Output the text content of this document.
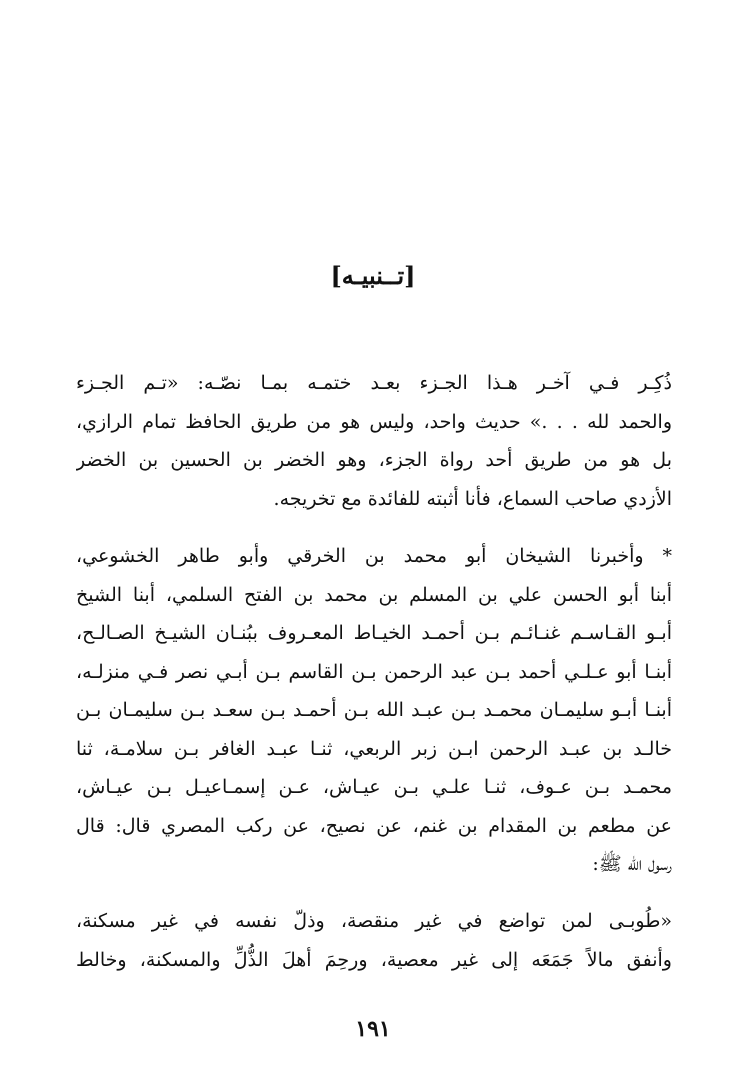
[تــنبيـه]
ذُكِـر فـي آخـر هـذا الجـزء بعـد ختمـه بمـا نصّـه: «تـم الجـزء
والحمد لله . . .» حديث واحد، وليس هو من طريق الحافظ تمام الرازي،
بل هو من طريق أحد رواة الجزء، وهو الخضر بن الحسين بن الخضر
الأزدي صاحب السماع، فأنا أثبته للفائدة مع تخريجه.
* وأخبرنا الشيخان أبو محمد بن الخرقي وأبو طاهر الخشوعي،
أبنا أبو الحسن علي بن المسلم بن محمد بن الفتح السلمي، أبنا الشيخ
أبـو القـاسـم غنـائـم بـن أحمـد الخيـاط المعـروف ببُنـان الشيـخ الصـالـح،
أبنـا أبو عـلـي أحمد بـن عبد الرحمن بـن القاسم بـن أبـي نصر فـي منزلـه،
أبنـا أبـو سليمـان محمـد بـن عبـد الله بـن أحمـد بـن سعـد بـن سليمـان بـن
خالـد بن عبـد الرحمن ابـن زبر الربعي، ثنـا عبـد الغافر بـن سلامـة، ثنا
محمـد بـن عـوف، ثنـا علـي بـن عيـاش، عـن إسمـاعيـل بـن عيـاش،
عن مطعم بن المقدام بن غنم، عن نصيح، عن ركب المصري قال: قال
رسول الله ﷺ:
«طُوبـى لمن تواضع في غير منقصة، وذلّ نفسه في غير مسكنة،
وأنفق مالاً جَمَعَه إلى غير معصية، ورحِمَ أهلَ الذُّلِّ والمسكنة، وخالط
١٩١
